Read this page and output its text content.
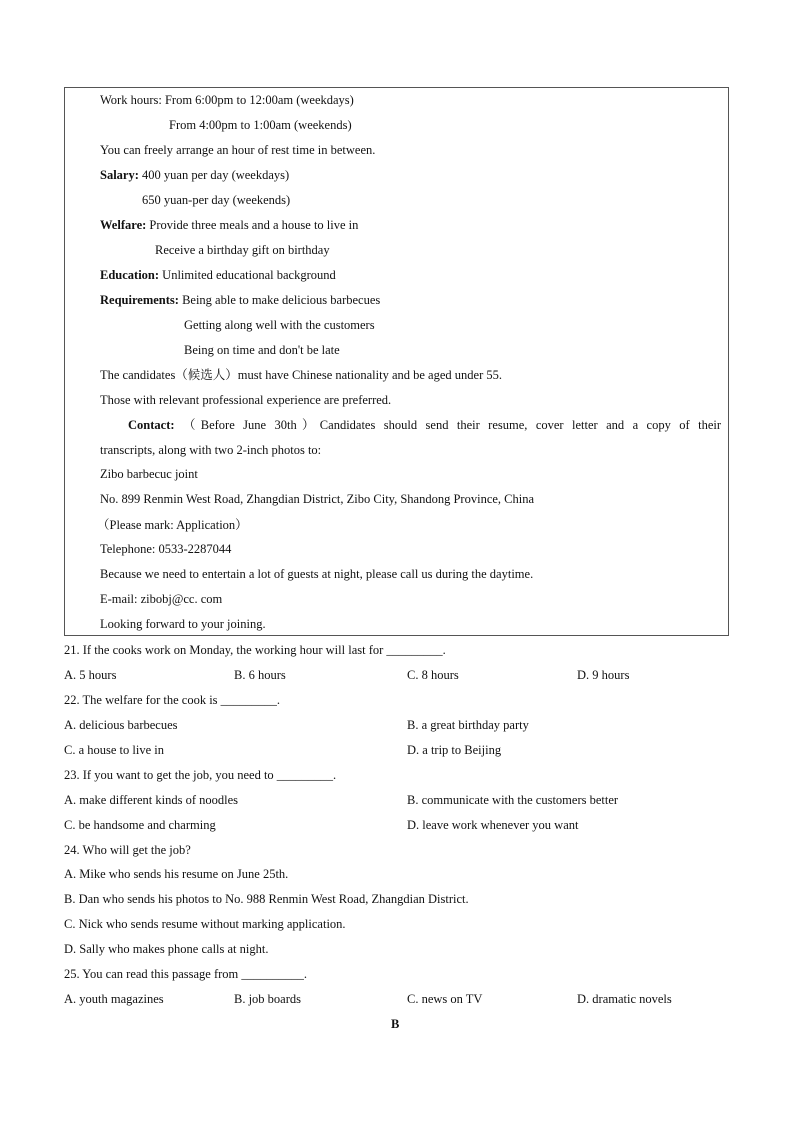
Work hours: From 6:00pm to 12:00am (weekdays)
From 4:00pm to 1:00am (weekends)
You can freely arrange an hour of rest time in between.
Salary: 400 yuan per day (weekdays)
650 yuan-per day (weekends)
Welfare: Provide three meals and a house to live in
Receive a birthday gift on birthday
Education: Unlimited educational background
Requirements: Being able to make delicious barbecues
Getting along well with the customers
Being on time and don't be late
The candidates（候选人）must have Chinese nationality and be aged under 55.
Those with relevant professional experience are preferred.
Contact: （Before June 30th）Candidates should send their resume, cover letter and a copy of their
transcripts, along with two 2-inch photos to:
Zibo barbecuc joint
No. 899 Renmin West Road, Zhangdian District, Zibo City, Shandong Province, China
（Please mark: Application）
Telephone: 0533-2287044
Because we need to entertain a lot of guests at night, please call us during the daytime.
E-mail: zibobj@cc. com
Looking forward to your joining.
21. If the cooks work on Monday, the working hour will last for _________.
A. 5 hours	B. 6 hours	C. 8 hours	D. 9 hours
22. The welfare for the cook is _________.
A. delicious barbecues	B. a great birthday party
C. a house to live in	D. a trip to Beijing
23. If you want to get the job, you need to _________.
A. make different kinds of noodles	B. communicate with the customers better
C. be handsome and charming	D. leave work whenever you want
24. Who will get the job?
A. Mike who sends his resume on June 25th.
B. Dan who sends his photos to No. 988 Renmin West Road, Zhangdian District.
C. Nick who sends resume without marking application.
D. Sally who makes phone calls at night.
25. You can read this passage from __________.
A. youth magazines	B. job boards	C. news on TV	D. dramatic novels
B
